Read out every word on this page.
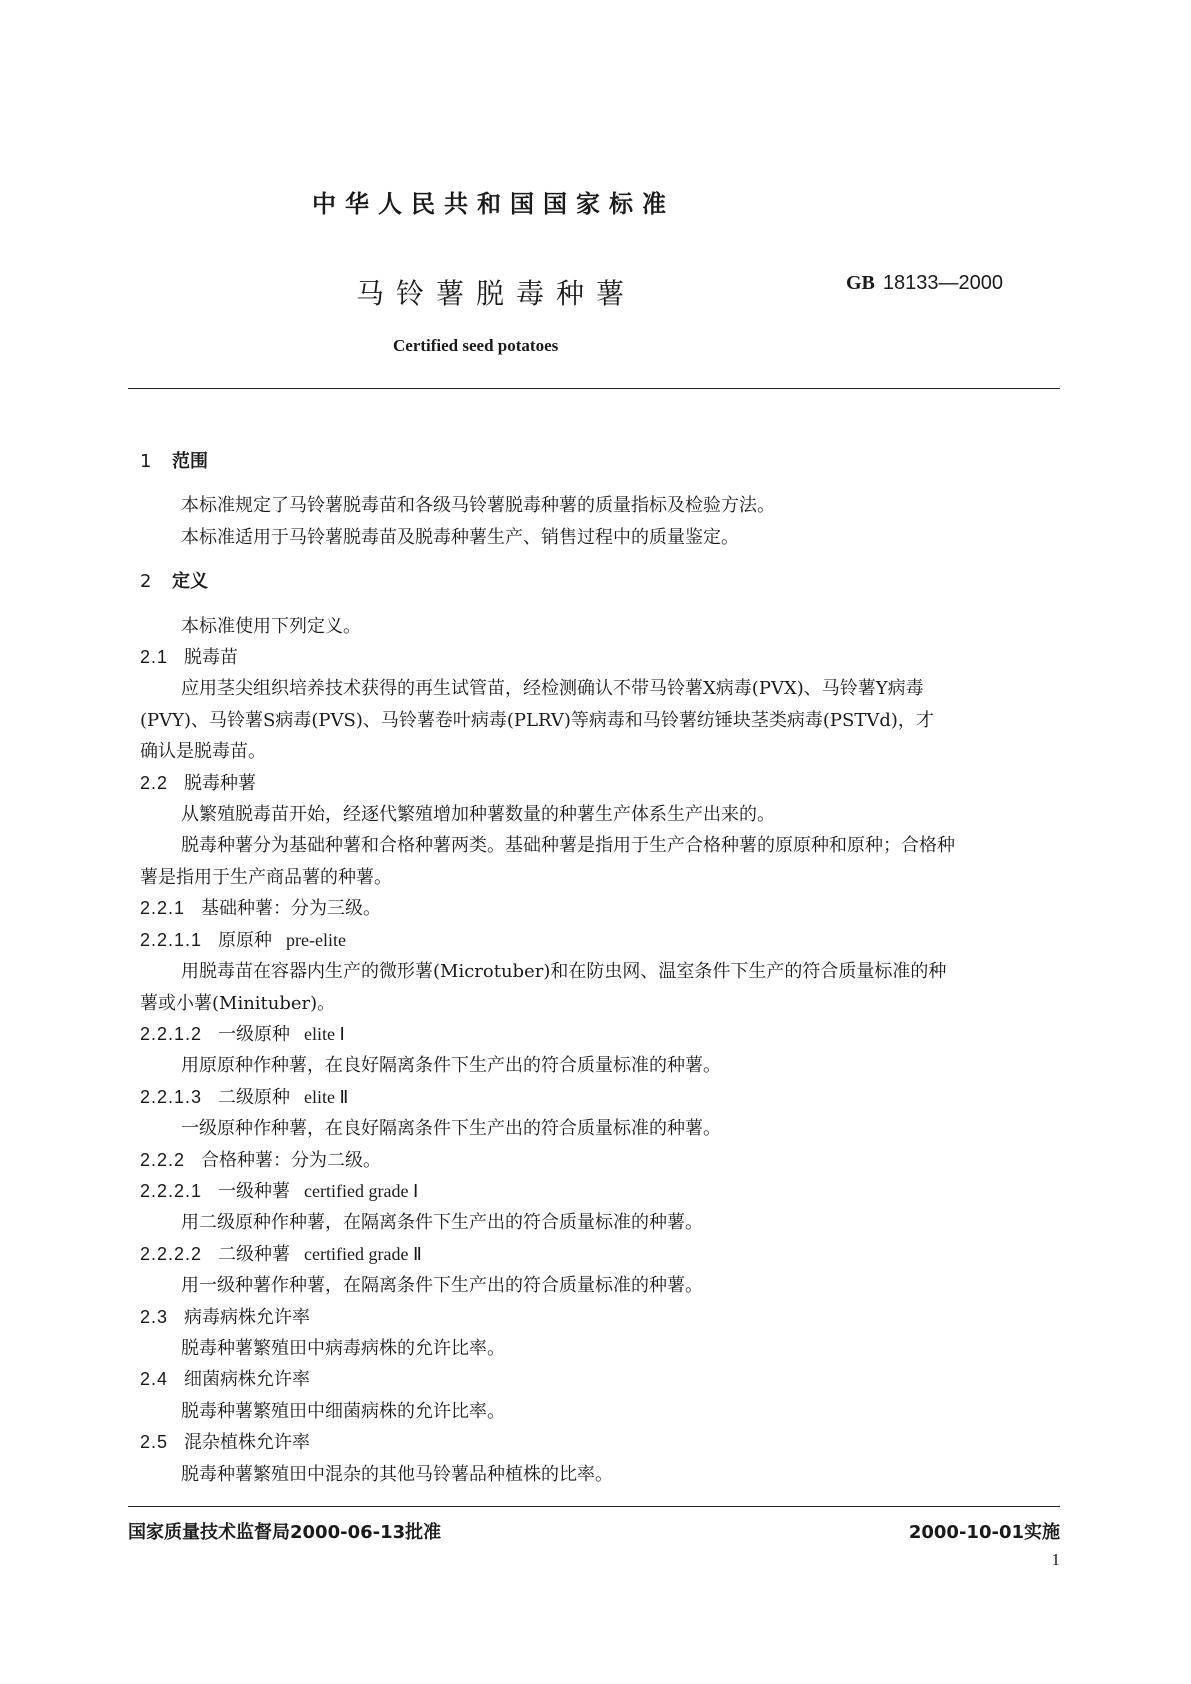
中华人民共和国国家标准
马铃薯脱毒种薯	GB 18133—2000
Certified seed potatoes

1 范围

本标准规定了马铃薯脱毒苗和各级马铃薯脱毒种薯的质量指标及检验方法。

本标准适用于马铃薯脱毒苗及脱毒种薯生产、销售过程中的质量鉴定。

2 定义

本标准使用下列定义。

2.1 脱毒苗

应用茎尖组织培养技术获得的再生试管苗，经检测确认不带马铃薯X病毒(PVX)、马铃薯Y病毒

(PVY)、马铃薯S病毒(PVS)、马铃薯卷叶病毒(PLRV)等病毒和马铃薯纺锤块茎类病毒(PSTVd)，才

确认是脱毒苗。

2.2 脱毒种薯

从繁殖脱毒苗开始，经逐代繁殖增加种薯数量的种薯生产体系生产出来的。

脱毒种薯分为基础种薯和合格种薯两类。基础种薯是指用于生产合格种薯的原原种和原种；合格种

薯是指用于生产商品薯的种薯。

2.2.1 基础种薯：分为三级。

2.2.1.1 原原种 pre-elite

用脱毒苗在容器内生产的微形薯(Microtuber)和在防虫网、温室条件下生产的符合质量标准的种

薯或小薯(Minituber)。

2.2.1.2 一级原种 elite Ⅰ

用原原种作种薯，在良好隔离条件下生产出的符合质量标准的种薯。

2.2.1.3 二级原种 elite Ⅱ

一级原种作种薯，在良好隔离条件下生产出的符合质量标准的种薯。

2.2.2 合格种薯：分为二级。

2.2.2.1 一级种薯 certified grade Ⅰ

用二级原种作种薯，在隔离条件下生产出的符合质量标准的种薯。

2.2.2.2 二级种薯 certified grade Ⅱ

用一级种薯作种薯，在隔离条件下生产出的符合质量标准的种薯。

2.3 病毒病株允许率

脱毒种薯繁殖田中病毒病株的允许比率。

2.4 细菌病株允许率

脱毒种薯繁殖田中细菌病株的允许比率。

2.5 混杂植株允许率

脱毒种薯繁殖田中混杂的其他马铃薯品种植株的比率。

国家质量技术监督局2000-06-13批准	2000-10-01实施
1
